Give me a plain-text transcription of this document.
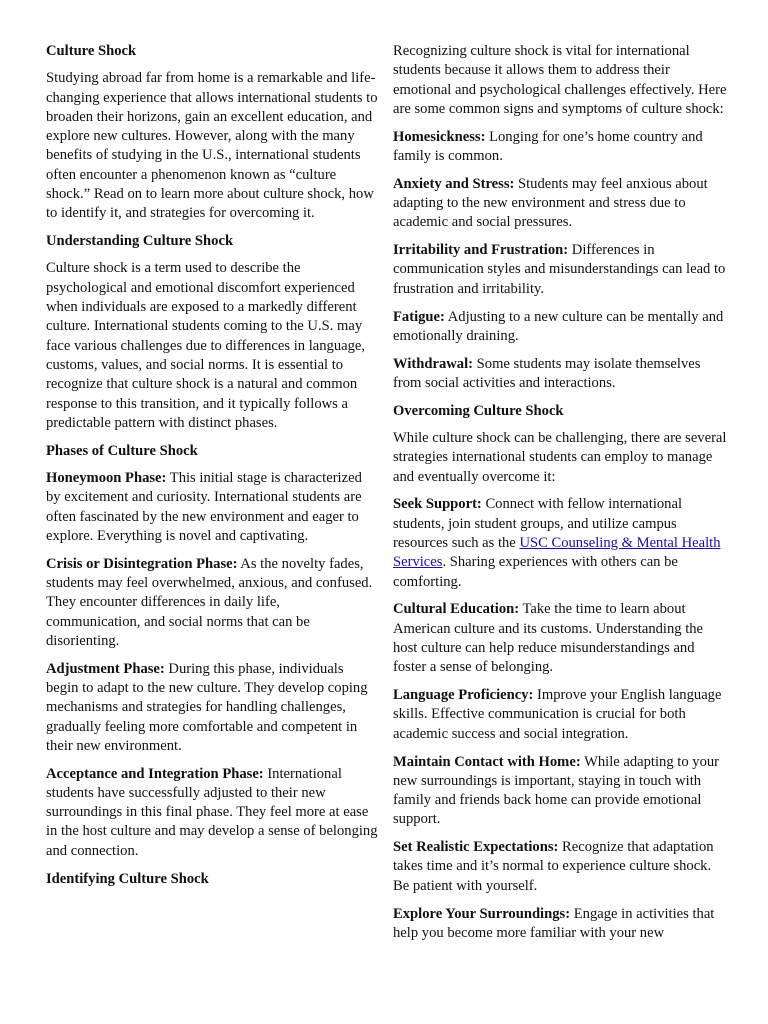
Culture Shock

Studying abroad far from home is a remarkable and life-changing experience that allows international students to broaden their horizons, gain an excellent education, and explore new cultures. However, along with the many benefits of studying in the U.S., international students often encounter a phenomenon known as “culture shock.” Read on to learn more about culture shock, how to identify it, and strategies for overcoming it.

Understanding Culture Shock

Culture shock is a term used to describe the psychological and emotional discomfort experienced when individuals are exposed to a markedly different culture. International students coming to the U.S. may face various challenges due to differences in language, customs, values, and social norms. It is essential to recognize that culture shock is a natural and common response to this transition, and it typically follows a predictable pattern with distinct phases.

Phases of Culture Shock

Honeymoon Phase: This initial stage is characterized by excitement and curiosity. International students are often fascinated by the new environment and eager to explore. Everything is novel and captivating.

Crisis or Disintegration Phase: As the novelty fades, students may feel overwhelmed, anxious, and confused. They encounter differences in daily life, communication, and social norms that can be disorienting.

Adjustment Phase: During this phase, individuals begin to adapt to the new culture. They develop coping mechanisms and strategies for handling challenges, gradually feeling more comfortable and competent in their new environment.

Acceptance and Integration Phase: International students have successfully adjusted to their new surroundings in this final phase. They feel more at ease in the host culture and may develop a sense of belonging and connection.

Identifying Culture Shock

Recognizing culture shock is vital for international students because it allows them to address their emotional and psychological challenges effectively. Here are some common signs and symptoms of culture shock:

Homesickness: Longing for one’s home country and family is common.

Anxiety and Stress: Students may feel anxious about adapting to the new environment and stress due to academic and social pressures.

Irritability and Frustration: Differences in communication styles and misunderstandings can lead to frustration and irritability.

Fatigue: Adjusting to a new culture can be mentally and emotionally draining.

Withdrawal: Some students may isolate themselves from social activities and interactions.

Overcoming Culture Shock

While culture shock can be challenging, there are several strategies international students can employ to manage and eventually overcome it:

Seek Support: Connect with fellow international students, join student groups, and utilize campus resources such as the USC Counseling & Mental Health Services. Sharing experiences with others can be comforting.

Cultural Education: Take the time to learn about American culture and its customs. Understanding the host culture can help reduce misunderstandings and foster a sense of belonging.

Language Proficiency: Improve your English language skills. Effective communication is crucial for both academic success and social integration.

Maintain Contact with Home: While adapting to your new surroundings is important, staying in touch with family and friends back home can provide emotional support.

Set Realistic Expectations: Recognize that adaptation takes time and it’s normal to experience culture shock. Be patient with yourself.

Explore Your Surroundings: Engage in activities that help you become more familiar with your new
